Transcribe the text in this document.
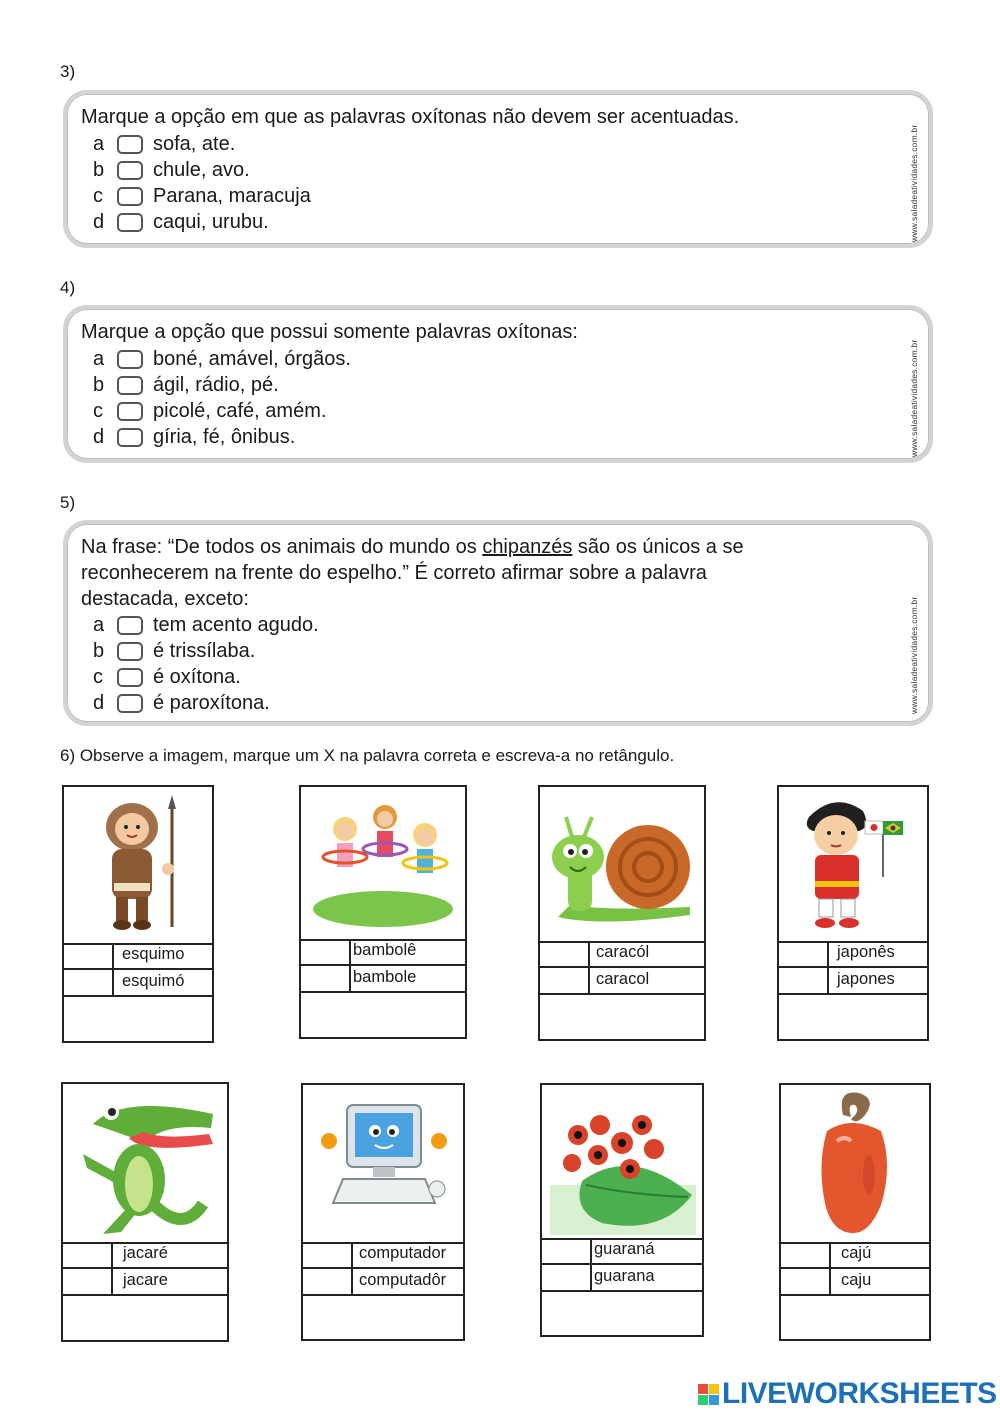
3)
Marque a opção em que as palavras oxítonas não devem ser acentuadas.
a	sofa, ate.
b	chule, avo.
c	Parana, maracuja
d	caqui, urubu.	www.saladeatividades.com.br
4)
Marque a opção que possui somente palavras oxítonas:
a	boné, amável, órgãos.
b	ágil, rádio, pé.
c	picolé, café, amém.
d	gíria, fé, ônibus.	www.saladeatividades.com.br
5)
Na frase: “De todos os animais do mundo os chipanzés são os únicos a se
reconhecerem na frente do espelho.” É correto afirmar sobre a palavra
destacada, exceto:
a	tem acento agudo.
b	é trissílaba.
c	é oxítona.
d	é paroxítona.	www.saladeatividades.com.br
6) Observe a imagem, marque um X na palavra correta e escreva-a no retângulo.
esquimo
esquimó
bambolê
bambole
caracól
caracol
japonês
japones
jacaré
jacare
computador
computadôr
guaraná
guarana
cajú
caju
LIVEWORKSHEETS
